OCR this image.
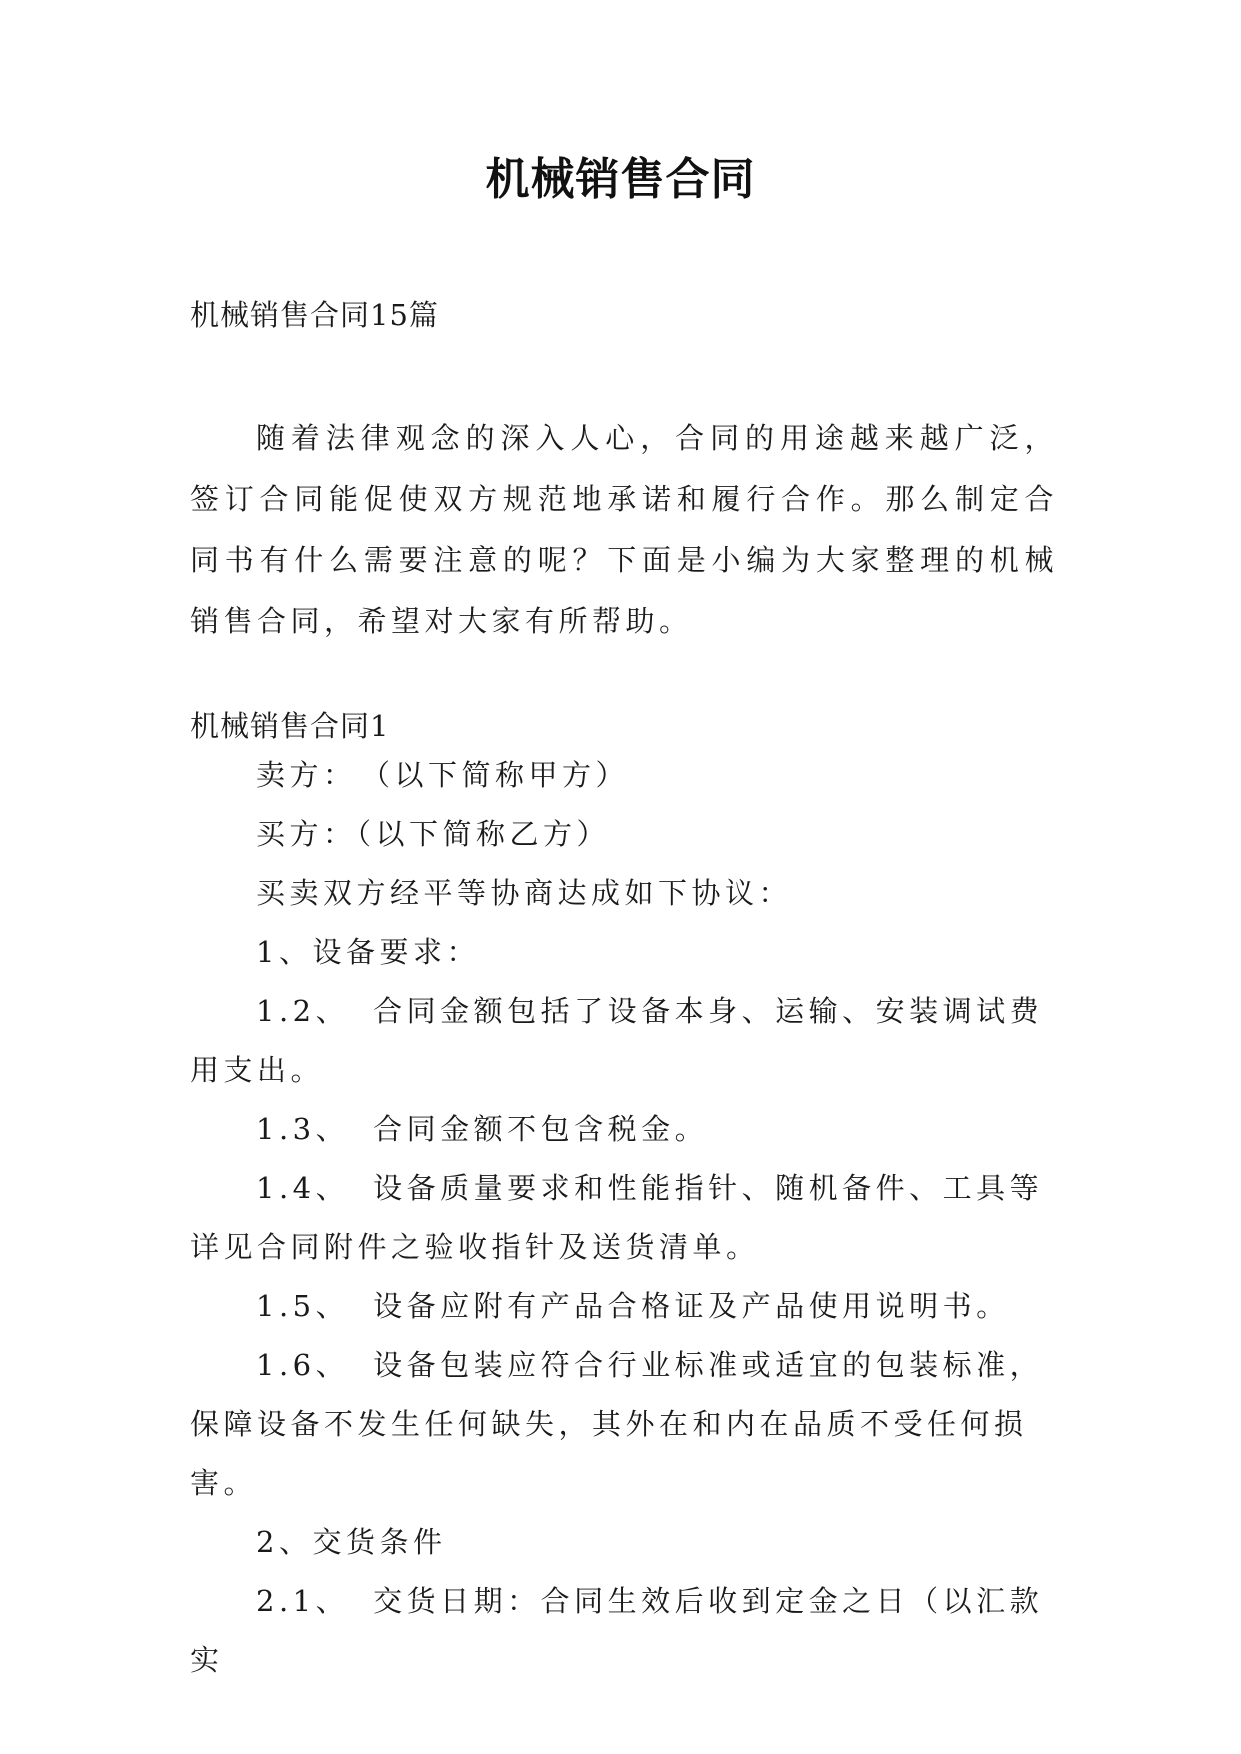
机械销售合同
机械销售合同15篇

随着法律观念的深入人心，合同的用途越来越广泛，签订合同能促使双方规范地承诺和履行合作。那么制定合同书有什么需要注意的呢？下面是小编为大家整理的机械销售合同，希望对大家有所帮助。

机械销售合同1

卖方：　（以下简称甲方）

买方：（以下简称乙方）

买卖双方经平等协商达成如下协议：

1、设备要求：

1.2、 合同金额包括了设备本身、运输、安装调试费用支出。

1.3、 合同金额不包含税金。

1.4、 设备质量要求和性能指针、随机备件、工具等详见合同附件之验收指针及送货清单。

1.5、 设备应附有产品合格证及产品使用说明书。

1.6、 设备包装应符合行业标准或适宜的包装标准，保障设备不发生任何缺失，其外在和内在品质不受任何损害。

2、交货条件

2.1、 交货日期：合同生效后收到定金之日（以汇款实
